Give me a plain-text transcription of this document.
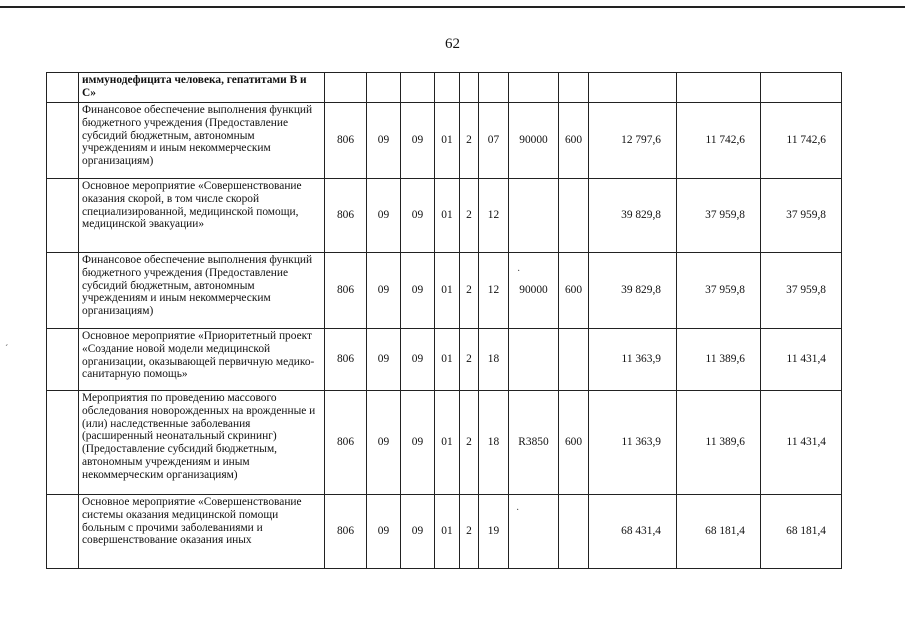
62
ˊ
·
·

	иммунодефицита человека, гепатитами В и С»											

	Финансовое обеспечение выполнения функций бюджетного учреждения (Предоставление субсидий бюджетным, автономным учреждениям и иным некоммерческим организациям)	806	09	09	01	2	07	90000	600	12 797,6	11 742,6	11 742,6

	Основное мероприятие «Совершенствование оказания скорой, в том числе скорой специализированной, медицинской помощи, медицинской эвакуации»	806	09	09	01	2	12			39 829,8	37 959,8	37 959,8

	Финансовое обеспечение выполнения функций бюджетного учреждения (Предоставление субсидий бюджетным, автономным учреждениям и иным некоммерческим организациям)	806	09	09	01	2	12	90000	600	39 829,8	37 959,8	37 959,8

	Основное мероприятие «Приоритетный проект «Создание новой модели медицинской организации, оказывающей первичную медико-санитарную помощь»	806	09	09	01	2	18			11 363,9	11 389,6	11 431,4

	Мероприятия по проведению массового обследования новорожденных на врожденные и (или) наследственные заболевания (расширенный неонатальный скрининг) (Предоставление субсидий бюджетным, автономным учреждениям и иным некоммерческим организациям)	806	09	09	01	2	18	R3850	600	11 363,9	11 389,6	11 431,4

	Основное мероприятие «Совершенствование системы оказания медицинской помощи больным с прочими заболеваниями и совершенствование оказания иных	806	09	09	01	2	19			68 431,4	68 181,4	68 181,4
